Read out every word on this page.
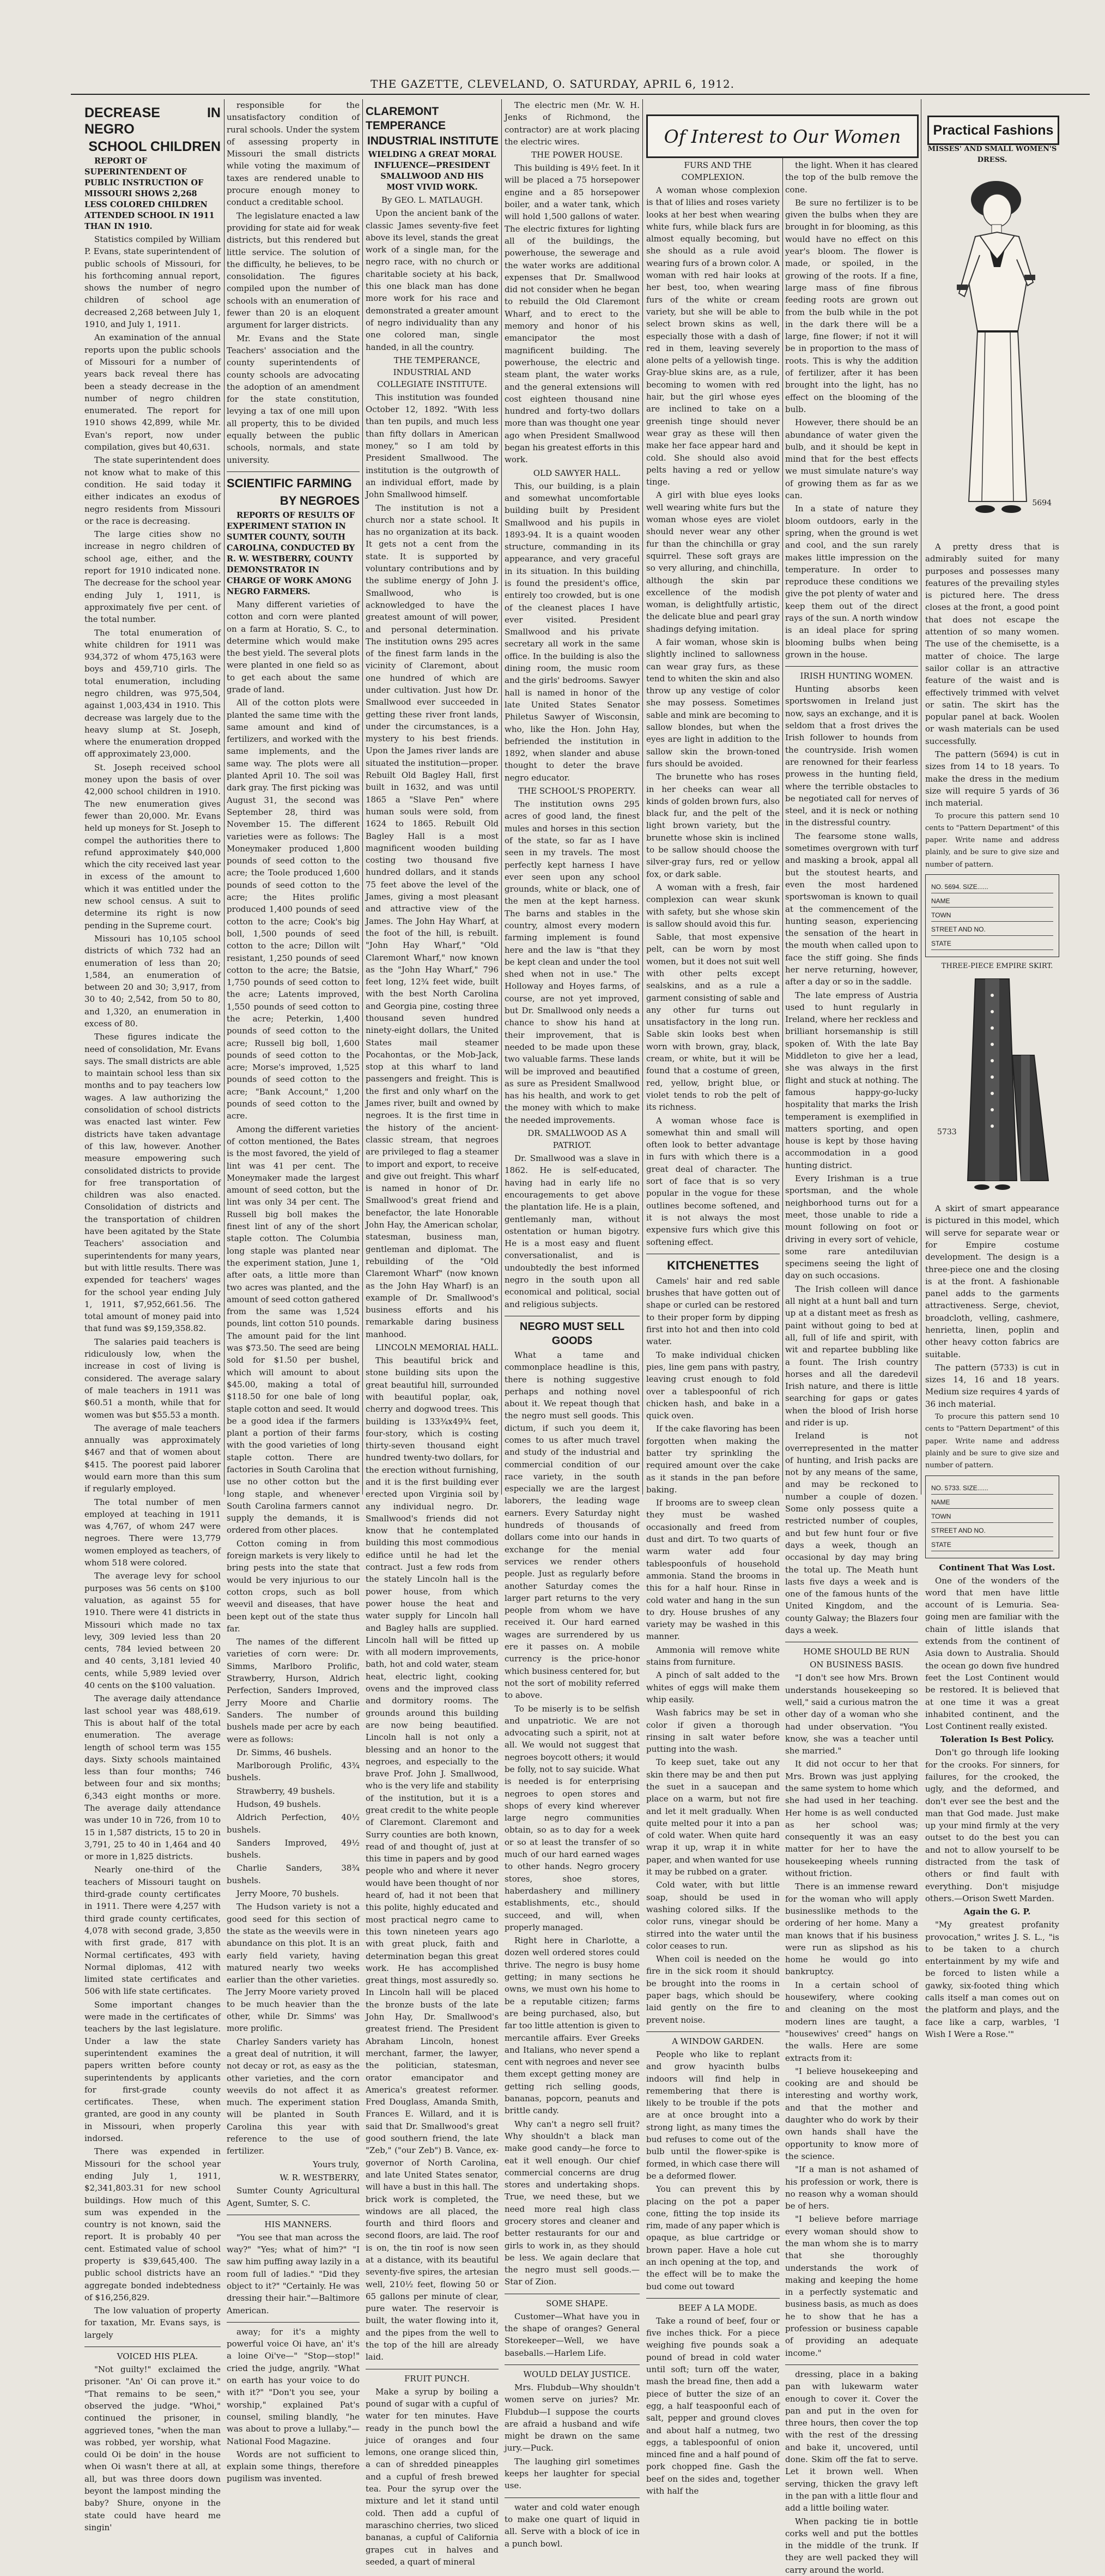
THE GAZETTE, CLEVELAND, O. SATURDAY, APRIL 6, 1912.
DECREASE IN NEGRO
SCHOOL CHILDREN

REPORT OF SUPERINTENDENT OF PUBLIC INSTRUCTION OF MISSOURI SHOWS 2,268 LESS COLORED CHILDREN ATTENDED SCHOOL IN 1911 THAN IN 1910.

Statistics compiled by William P. Evans, state superintendent of public schools of Missouri, for his forthcoming annual report, shows the number of negro children of school age decreased 2,268 between July 1, 1910, and July 1, 1911.

An examination of the annual reports upon the public schools of Missouri for a number of years back reveal there has been a steady decrease in the number of negro children enumerated. The report for 1910 shows 42,899, while Mr. Evan's report, now under compilation, gives but 40,631.

The state superintendent does not know what to make of this condition. He said today it either indicates an exodus of negro residents from Missouri or the race is decreasing.

The large cities show no increase in negro children of school age, either, and the report for 1910 indicated none. The decrease for the school year ending July 1, 1911, is approximately five per cent. of the total number.

The total enumeration of white children for 1911 was 934,372 of whom 475,163 were boys and 459,710 girls. The total enumeration, including negro children, was 975,504, against 1,003,434 in 1910. This decrease was largely due to the heavy slump at St. Joseph, where the enumeration dropped off approximately 23,000.

St. Joseph received school money upon the basis of over 42,000 school children in 1910. The new enumeration gives fewer than 20,000. Mr. Evans held up moneys for St. Joseph to compel the authorities there to refund approximately $40,000 which the city received last year in excess of the amount to which it was entitled under the new school census. A suit to determine its right is now pending in the Supreme court.

Missouri has 10,105 school districts of which 732 had an enumeration of less than 20; 1,584, an enumeration of between 20 and 30; 3,917, from 30 to 40; 2,542, from 50 to 80, and 1,320, an enumeration in excess of 80.

These figures indicate the need of consolidation, Mr. Evans says. The small districts are able to maintain school less than six months and to pay teachers low wages. A law authorizing the consolidation of school districts was enacted last winter. Few districts have taken advantage of this law, however. Another measure empowering such consolidated districts to provide for free transportation of children was also enacted. Consolidation of districts and the transportation of children have been agitated by the State Teachers' association and superintendents for many years, but with little results. There was expended for teachers' wages for the school year ending July 1, 1911, $7,952,661.56. The total amount of money paid into that fund was $9,159,358.82.

The salaries paid teachers is ridiculously low, when the increase in cost of living is considered. The average salary of male teachers in 1911 was $60.51 a month, while that for women was but $55.53 a month.

The average of male teachers annually was approximately $467 and that of women about $415. The poorest paid laborer would earn more than this sum if regularly employed.

The total number of men employed at teaching in 1911 was 4,767, of whom 247 were negroes. There were 13,779 women employed as teachers, of whom 518 were colored.

The average levy for school purposes was 56 cents on $100 valuation, as against 55 for 1910. There were 41 districts in Missouri which made no tax levy, 309 levied less than 20 cents, 784 levied between 20 and 40 cents, 3,181 levied 40 cents, while 5,989 levied over 40 cents on the $100 valuation.

The average daily attendance last school year was 488,619. This is about half of the total enumeration. The average length of school term was 155 days. Sixty schools maintained less than four months; 746 between four and six months; 6,343 eight months or more. The average daily attendance was under 10 in 726, from 10 to 15 in 1,587 districts, 15 to 20 in 3,791, 25 to 40 in 1,464 and 40 or more in 1,825 districts.

Nearly one-third of the teachers of Missouri taught on third-grade county certificates in 1911. There were 4,257 with third grade county certificates, 4,078 with second grade, 3,850 with first grade, 817 with Normal certificates, 493 with Normal diplomas, 412 with limited state certificates and 506 with life state certificates.

Some important changes were made in the certificates of teachers by the last legislature. Under a law the state superintendent examines the papers written before county superintendents by applicants for first-grade county certificates. These, when granted, are good in any county in Missouri, when properly indorsed.

There was expended in Missouri for the school year ending July 1, 1911, $2,341,803.31 for new school buildings. How much of this sum was expended in the country is not known, said the report. It is probably 40 per cent. Estimated value of school property is $39,645,400. The public school districts have an aggregate bonded indebtedness of $16,256,829.

The low valuation of property for taxation, Mr. Evans says, is largely

VOICED HIS PLEA.

"Not guilty!" exclaimed the prisoner. "An' Oi can prove it." "That remains to be seen," observed the judge. "Whoi," continued the prisoner, in aggrieved tones, "when the man was robbed, yer worship, what could Oi be doin' in the house when Oi wasn't there at all, at all, but was three doors down beyont the lampost minding the baby? Shure, onyone in the state could have heard me singin'

responsible for the unsatisfactory condition of rural schools. Under the system of assessing property in Missouri the small districts while voting the maximum of taxes are rendered unable to procure enough money to conduct a creditable school.

The legislature enacted a law providing for state aid for weak districts, but this rendered but little service. The solution of the difficulty, he believes, to be consolidation. The figures compiled upon the number of schools with an enumeration of fewer than 20 is an eloquent argument for larger districts.

Mr. Evans and the State Teachers' association and the county superintendents of county schools are advocating the adoption of an amendment for the state constitution, levying a tax of one mill upon all property, this to be divided equally between the public schools, normals, and state university.

SCIENTIFIC FARMING
BY NEGROES

REPORTS OF RESULTS OF EXPERIMENT STATION IN SUMTER COUNTY, SOUTH CAROLINA, CONDUCTED BY R. W. WESTBERRY, COUNTY DEMONSTRATOR IN CHARGE OF WORK AMONG NEGRO FARMERS.

Many different varieties of cotton and corn were planted on a farm at Horatio, S. C., to determine which would make the best yield. The several plots were planted in one field so as to get each about the same grade of land.

All of the cotton plots were planted the same time with the same amount and kind of fertilizers, and worked with the same implements, and the same way. The plots were all planted April 10. The soil was dark gray. The first picking was August 31, the second was September 28, third was November 15. The different varieties were as follows: The Moneymaker produced 1,800 pounds of seed cotton to the acre; the Toole produced 1,600 pounds of seed cotton to the acre; the Hites prolific produced 1,400 pounds of seed cotton to the acre; Cook's big boll, 1,500 pounds of seed cotton to the acre; Dillon wilt resistant, 1,250 pounds of seed cotton to the acre; the Batsie, 1,750 pounds of seed cotton to the acre; Latents improved, 1,550 pounds of seed cotton to the acre; Peterkin, 1,400 pounds of seed cotton to the acre; Russell big boll, 1,600 pounds of seed cotton to the acre; Morse's improved, 1,525 pounds of seed cotton to the acre; "Bank Account," 1,200 pounds of seed cotton to the acre.

Among the different varieties of cotton mentioned, the Bates is the most favored, the yield of lint was 41 per cent. The Moneymaker made the largest amount of seed cotton, but the lint was only 34 per cent. The Russell big boll makes the finest lint of any of the short staple cotton. The Columbia long staple was planted near the experiment station, June 1, after oats, a little more than two acres was planted, and the amount of seed cotton gathered from the same was 1,524 pounds, lint cotton 510 pounds. The amount paid for the lint was $73.50. The seed are being sold for $1.50 per bushel, which will amount to about $45.00, making a total of $118.50 for one bale of long staple cotton and seed. It would be a good idea if the farmers plant a portion of their farms with the good varieties of long staple cotton. There are factories in South Carolina that use no other cotton but the long staple, and whenever South Carolina farmers cannot supply the demands, it is ordered from other places.

Cotton coming in from foreign markets is very likely to bring pests into the state that would be very injurious to our cotton crops, such as boll weevil and diseases, that have been kept out of the state thus far.

The names of the different varieties of corn were: Dr. Simms, Marlboro Prolific, Strawberry, Hurson, Aldrich Perfection, Sanders Improved, Jerry Moore and Charlie Sanders. The number of bushels made per acre by each were as follows:

Dr. Simms, 46 bushels.

Marlborough Prolific, 43¾ bushels.

Strawberry, 49 bushels.

Hudson, 49 bushels.

Aldrich Perfection, 40½ bushels.

Sanders Improved, 49½ bushels.

Charlie Sanders, 38¾ bushels.

Jerry Moore, 70 bushels.

The Hudson variety is not a good seed for this section of the state as the weevils were in abundance on this plot. It is an early field variety, having matured nearly two weeks earlier than the other varieties. The Jerry Moore variety proved to be much heavier than the other, while Dr. Simms' was more prolific.

Charley Sanders variety has a great deal of nutrition, it will not decay or rot, as easy as the other varieties, and the corn weevils do not affect it as much. The experiment station will be planted in South Carolina this year with reference to the use of fertilizer.

Yours truly,

W. R. WESTBERRY,

Sumter County Agricultural Agent, Sumter, S. C.

HIS MANNERS.

"You see that man across the way?" "Yes; what of him?" "I saw him puffing away lazily in a room full of ladies." "Did they object to it?" "Certainly. He was dressing their hair."—Baltimore American.

away; for it's a mighty powerful voice Oi have, an' it's a loine Oi've—" "Stop—stop!" cried the judge, angrily. "What on earth has your voice to do with it?" "Don't you see, your worship," explained Pat's counsel, smiling blandly, "he was about to prove a lullaby."—National Food Magazine.

Words are not sufficient to explain some things, therefore pugilism was invented.

CLAREMONT TEMPERANCE
INDUSTRIAL INSTITUTE

WIELDING A GREAT MORAL INFLUENCE—PRESIDENT SMALLWOOD AND HIS MOST VIVID WORK.

By GEO. L. MATLAUGH.

Upon the ancient bank of the classic James seventy-five feet above its level, stands the great work of a single man, for the negro race, with no church or charitable society at his back, this one black man has done more work for his race and demonstrated a greater amount of negro individuality than any one colored man, single handed, in all the country.

THE TEMPERANCE, INDUSTRIAL AND COLLEGIATE INSTITUTE.

This institution was founded October 12, 1892. "With less than ten pupils, and much less than fifty dollars in American money," so I am told by President Smallwood. The institution is the outgrowth of an individual effort, made by John Smallwood himself.

The institution is not a church nor a state school. It has no organization at its back. It gets not a cent from the state. It is supported by voluntary contributions and by the sublime energy of John J. Smallwood, who is acknowledged to have the greatest amount of will power, and personal determination. The institution owns 295 acres of the finest farm lands in the vicinity of Claremont, about one hundred of which are under cultivation. Just how Dr. Smallwood ever succeeded in getting these river front lands, under the circumstances, is a mystery to his best friends. Upon the James river lands are situated the institution—proper. Rebuilt Old Bagley Hall, first built in 1632, and was until 1865 a "Slave Pen" where human souls were sold, from 1624 to 1865. Rebuilt Old Bagley Hall is a most magnificent wooden building costing two thousand five hundred dollars, and it stands 75 feet above the level of the James, giving a most pleasant and attractive view of the James. The John Hay Wharf, at the foot of the hill, is rebuilt. "John Hay Wharf," "Old Claremont Wharf," now known as the "John Hay Wharf," 796 feet long, 12¾ feet wide, built with the best North Carolina and Georgia pine, costing three thousand seven hundred ninety-eight dollars, the United States mail steamer Pocahontas, or the Mob-Jack, stop at this wharf to land passengers and freight. This is the first and only wharf on the James river, built and owned by negroes. It is the first time in the history of the ancient-classic stream, that negroes are privileged to flag a steamer to import and export, to receive and give out freight. This wharf is named in honor of Dr. Smallwood's great friend and benefactor, the late Honorable John Hay, the American scholar, statesman, business man, gentleman and diplomat. The rebuilding of the "Old Claremont Wharf" (now known as the John Hay Wharf) is an example of Dr. Smallwood's business efforts and his remarkable daring business manhood.

LINCOLN MEMORIAL HALL.

This beautiful brick and stone building sits upon the great beautiful hill, surrounded with beautiful poplar, oak, cherry and dogwood trees. This building is 133¾x49¾ feet, four-story, which is costing thirty-seven thousand eight hundred twenty-two dollars, for the erection without furnishing, and it is the first building ever erected upon Virginia soil by any individual negro. Dr. Smallwood's friends did not know that he contemplated building this most commodious edifice until he had let the contract. Just a few rods from the stately Lincoln hall is the power house, from which power house the heat and water supply for Lincoln hall and Bagley halls are supplied. Lincoln hall will be fitted up with all modern improvements, bath, hot and cold water, steam heat, electric light, cooking ovens and the improved class and dormitory rooms. The grounds around this building are now being beautified. Lincoln hall is not only a blessing and an honor to the negroes, and especially to the brave Prof. John J. Smallwood, who is the very life and stability of the institution, but it is a great credit to the white people of Claremont. Claremont and Surry counties are both known, read of and thought of, just at this time in papers and by good people who and where it never would have been thought of nor heard of, had it not been that this polite, highly educated and most practical negro came to this town nineteen years ago with great pluck, faith and determination began this great work. He has accomplished great things, most assuredly so. In Lincoln hall will be placed the bronze busts of the late John Hay, Dr. Smallwood's greatest friend. The President Abraham Lincoln, honest merchant, farmer, the lawyer, the politician, statesman, orator emancipator and America's greatest reformer. Fred Douglass, Amanda Smith, Frances E. Willard, and it is said that Dr. Smallwood's great good southern friend, the late "Zeb," ("our Zeb") B. Vance, ex-governor of North Carolina, and late United States senator, will have a bust in this hall. The brick work is completed, the windows are all placed, the fourth and third floors and second floors, are laid. The roof is on, the tin roof is now seen at a distance, with its beautiful seventy-five spires, the artesian well, 210½ feet, flowing 50 or 65 gallons per minute of clear, pure water. The reservoir is built, the water flowing into it, and the pipes from the well to the top of the hill are already laid.

FRUIT PUNCH.

Make a syrup by boiling a pound of sugar with a cupful of water for ten minutes. Have ready in the punch bowl the juice of oranges and four lemons, one orange sliced thin, a can of shredded pineapples and a cupful of fresh brewed tea. Pour the syrup over the mixture and let it stand until cold. Then add a cupful of maraschino cherries, two sliced bananas, a cupful of California grapes cut in halves and seeded, a quart of mineral

The electric men (Mr. W. H. Jenks of Richmond, the contractor) are at work placing the electric wires.

THE POWER HOUSE.

This building is 49½ feet. In it will be placed a 75 horsepower engine and a 85 horsepower boiler, and a water tank, which will hold 1,500 gallons of water. The electric fixtures for lighting all of the buildings, the powerhouse, the sewerage and the water works are additional expenses that Dr. Smallwood did not consider when he began to rebuild the Old Claremont Wharf, and to erect to the memory and honor of his emancipator the most magnificent building. The powerhouse, the electric and steam plant, the water works and the general extensions will cost eighteen thousand nine hundred and forty-two dollars more than was thought one year ago when President Smallwood began his greatest efforts in this work.

OLD SAWYER HALL.

This, our building, is a plain and somewhat uncomfortable building built by President Smallwood and his pupils in 1893-94. It is a quaint wooden structure, commanding in its appearance, and very graceful in its situation. In this building is found the president's office, entirely too crowded, but is one of the cleanest places I have ever visited. President Smallwood and his private secretary all work in the same office. In the building is also the dining room, the music room and the girls' bedrooms. Sawyer hall is named in honor of the late United States Senator Philetus Sawyer of Wisconsin, who, like the Hon. John Hay, befriended the institution in 1892, when slander and abuse thought to deter the brave negro educator.

THE SCHOOL'S PROPERTY.

The institution owns 295 acres of good land, the finest mules and horses in this section of the state, so far as I have seen in my travels. The most perfectly kept harness I have ever seen upon any school grounds, white or black, one of the men at the kept harness. The barns and stables in the country, almost every modern farming implement is found here and the law is "that they be kept clean and under the tool shed when not in use." The Holloway and Hoyes farms, of course, are not yet improved, but Dr. Smallwood only needs a chance to show his hand at their improvement, that is needed to be made upon these two valuable farms. These lands will be improved and beautified as sure as President Smallwood has his health, and work to get the money with which to make the needed improvements.

DR. SMALLWOOD AS A PATRIOT.

Dr. Smallwood was a slave in 1862. He is self-educated, having had in early life no encouragements to get above the plantation life. He is a plain, gentlemanly man, without ostentation or human bigotry. He is a most easy and fluent conversationalist, and is undoubtedly the best informed negro in the south upon all economical and political, social and religious subjects.

NEGRO MUST SELL GOODS

What a tame and commonplace headline is this, there is nothing suggestive perhaps and nothing novel about it. We repeat though that the negro must sell goods. This dictum, if such you deem it, comes to us after much travel and study of the industrial and commercial condition of our race variety, in the south especially we are the largest laborers, the leading wage earners. Every Saturday night hundreds of thousands of dollars come into our hands in exchange for the menial services we render others people. Just as regularly before another Saturday comes the larger part returns to the very people from whom we have received it. Our hard earned wages are surrendered by us ere it passes on. A mobile currency is the price-honor which business centered for, but not the sort of mobility referred to above.

To be miserly is to be selfish and unpatriotic. We are not advocating such a spirit, not at all. We would not suggest that negroes boycott others; it would be folly, not to say suicide. What is needed is for enterprising negroes to open stores and shops of every kind wherever large negro communities obtain, so as to day for a week or so at least the transfer of so much of our hard earned wages to other hands. Negro grocery stores, shoe stores, haberdashery and millinery establishments, etc., should succeed, and will, when properly managed.

Right here in Charlotte, a dozen well ordered stores could thrive. The negro is busy home getting; in many sections he owns, we must own his home to be a reputable citizen; farms are being purchased, also, but far too little attention is given to mercantile affairs. Ever Greeks and Italians, who never spend a cent with negroes and never see them except getting money are getting rich selling goods, bananas, popcorn, peanuts and brittle candy.

Why can't a negro sell fruit? Why shouldn't a black man make good candy—he force to eat it well enough. Our chief commercial concerns are drug stores and undertaking shops. True, we need these, but we need more real high class grocery stores and cleaner and better restaurants for our and girls to work in, as they should be less. We again declare that the negro must sell goods.—Star of Zion.

SOME SHAPE.

Customer—What have you in the shape of oranges? General Storekeeper—Well, we have baseballs.—Harlem Life.

WOULD DELAY JUSTICE.

Mrs. Flubdub—Why shouldn't women serve on juries? Mr. Flubdub—I suppose the courts are afraid a husband and wife might be drawn on the same jury.—Puck.

The laughing girl sometimes keeps her laughter for special use.

water and cold water enough to make one quart of liquid in all. Serve with a block of ice in a punch bowl.

Of Interest to Our Women

FURS AND THE COMPLEXION.

A woman whose complexion is that of lilies and roses variety looks at her best when wearing white furs, while black furs are almost equally becoming, but she should as a rule avoid wearing furs of a brown color. A woman with red hair looks at her best, too, when wearing furs of the white or cream variety, but she will be able to select brown skins as well, especially those with a dash of red in them, leaving severely alone pelts of a yellowish tinge. Gray-blue skins are, as a rule, becoming to women with red hair, but the girl whose eyes are inclined to take on a greenish tinge should never wear gray as these will then make her face appear hard and cold. She should also avoid pelts having a red or yellow tinge.

A girl with blue eyes looks well wearing white furs but the woman whose eyes are violet should never wear any other fur than the chinchilla or gray squirrel. These soft grays are so very alluring, and chinchilla, although the skin par excellence of the modish woman, is delightfully artistic, the delicate blue and pearl gray shadings defying imitation.

A fair woman, whose skin is slightly inclined to sallowness can wear gray furs, as these tend to whiten the skin and also throw up any vestige of color she may possess. Sometimes sable and mink are becoming to sallow blondes, but when the eyes are light in addition to the sallow skin the brown-toned furs should be avoided.

The brunette who has roses in her cheeks can wear all kinds of golden brown furs, also black fur, and the pelt of the light brown variety, but the brunette whose skin is inclined to be sallow should choose the silver-gray furs, red or yellow fox, or dark sable.

A woman with a fresh, fair complexion can wear skunk with safety, but she whose skin is sallow should avoid this fur.

Sable, that most expensive pelt, can be worn by most women, but it does not suit well with other pelts except sealskins, and as a rule a garment consisting of sable and any other fur turns out unsatisfactory in the long run. Sable skin looks best when worn with brown, gray, black, cream, or white, but it will be found that a costume of green, red, yellow, bright blue, or violet tends to rob the pelt of its richness.

A woman whose face is somewhat thin and small will often look to better advantage in furs with which there is a great deal of character. The sort of face that is so very popular in the vogue for these outlines become softened, and it is not always the most expensive furs which give this softening effect.

KITCHENETTES

Camels' hair and red sable brushes that have gotten out of shape or curled can be restored to their proper form by dipping first into hot and then into cold water.

To make individual chicken pies, line gem pans with pastry, leaving crust enough to fold over a tablespoonful of rich chicken hash, and bake in a quick oven.

If the cake flavoring has been forgotten when making the batter try sprinkling the required amount over the cake as it stands in the pan before baking.

If brooms are to sweep clean they must be washed occasionally and freed from dust and dirt. To two quarts of warm water add four tablespoonfuls of household ammonia. Stand the brooms in this for a half hour. Rinse in cold water and hang in the sun to dry. House brushes of any variety may be washed in this manner.

Ammonia will remove white stains from furniture.

A pinch of salt added to the whites of eggs will make them whip easily.

Wash fabrics may be set in color if given a thorough rinsing in salt water before putting into the wash.

To keep suet, take out any skin there may be and then put the suet in a saucepan and place on a warm, but not fire and let it melt gradually. When quite melted pour it into a pan of cold water. When quite hard wrap it up, wrap it in white paper, and when wanted for use it may be rubbed on a grater.

Cold water, with but little soap, should be used in washing colored silks. If the color runs, vinegar should be stirred into the water until the color ceases to run.

When coil is needed on the fire in the sick room it should be brought into the rooms in paper bags, which should be laid gently on the fire to prevent noise.

A WINDOW GARDEN.

People who like to replant and grow hyacinth bulbs indoors will find help in remembering that there is likely to be trouble if the pots are at once brought into a strong light, as many times the bud refuses to come out of the bulb until the flower-spike is formed, in which case there will be a deformed flower.

You can prevent this by placing on the pot a paper cone, fitting the top inside its rim, made of any paper which is opaque, as blue cartridge or brown paper. Have a hole cut an inch opening at the top, and the effect will be to make the bud come out toward

BEEF A LA MODE.

Take a round of beef, four or five inches thick. For a piece weighing five pounds soak a pound of bread in cold water until soft; turn off the water, mash the bread fine, then add a piece of butter the size of an egg, a half teaspoonful each of salt, pepper and ground cloves and about half a nutmeg, two eggs, a tablespoonful of onion minced fine and a half pound of pork chopped fine. Gash the beef on the sides and, together with half the

the light. When it has cleared the top of the bulb remove the cone.

Be sure no fertilizer is to be given the bulbs when they are brought in for blooming, as this would have no effect on this year's bloom. The flower is made, or spoiled, in the growing of the roots. If a fine, large mass of fine fibrous feeding roots are grown out from the bulb while in the pot in the dark there will be a large, fine flower; if not it will be in proportion to the mass of roots. This is why the addition of fertilizer, after it has been brought into the light, has no effect on the blooming of the bulb.

However, there should be an abundance of water given the bulb, and it should be kept in mind that for the best effects we must simulate nature's way of growing them as far as we can.

In a state of nature they bloom outdoors, early in the spring, when the ground is wet and cool, and the sun rarely makes little impression on the temperature. In order to reproduce these conditions we give the pot plenty of water and keep them out of the direct rays of the sun. A north window is an ideal place for spring blooming bulbs when being grown in the house.

IRISH HUNTING WOMEN.

Hunting absorbs keen sportswomen in Ireland just now, says an exchange, and it is seldom that a frost drives the Irish follower to hounds from the countryside. Irish women are renowned for their fearless prowess in the hunting field, where the terrible obstacles to be negotiated call for nerves of steel, and it is neck or nothing in the distressful country.

The fearsome stone walls, sometimes overgrown with turf and masking a brook, appal all but the stoutest hearts, and even the most hardened sportswoman is known to quail at the commencement of the hunting season, experiencing the sensation of the heart in the mouth when called upon to face the stiff going. She finds her nerve returning, however, after a day or so in the saddle.

The late empress of Austria used to hunt regularly in Ireland, where her reckless and brilliant horsemanship is still spoken of. With the late Bay Middleton to give her a lead, she was always in the first flight and stuck at nothing. The famous happy-go-lucky hospitality that marks the Irish temperament is exemplified in matters sporting, and open house is kept by those having accommodation in a good hunting district.

Every Irishman is a true sportsman, and the whole neighborhood turns out for a meet, those unable to ride a mount following on foot or driving in every sort of vehicle, some rare antediluvian specimens seeing the light of day on such occasions.

The Irish colleen will dance all night at a hunt ball and turn up at a distant meet as fresh as paint without going to bed at all, full of life and spirit, with wit and repartee bubbling like a fount. The Irish country horses and all the daredevil Irish nature, and there is little searching for gaps or gates when the blood of Irish horse and rider is up.

Ireland is not overrepresented in the matter of hunting, and Irish packs are not by any means of the same, and may be reckoned to number a couple of dozen. Some only possess quite a restricted number of couples, and but few hunt four or five days a week, though an occasional by day may bring the total up. The Meath hunt lasts five days a week and is one of the famous hunts of the United Kingdom, and the county Galway; the Blazers four days a week.

HOME SHOULD BE RUN

ON BUSINESS BASIS.

"I don't see how Mrs. Brown understands housekeeping so well," said a curious matron the other day of a woman who she had under observation. "You know, she was a teacher until she married."

It did not occur to her that Mrs. Brown was just applying the same system to home which she had used in her teaching. Her home is as well conducted as her school was; consequently it was an easy matter for her to have the housekeeping wheels running without friction.

There is an immense reward for the woman who will apply businesslike methods to the ordering of her home. Many a man knows that if his business were run as slipshod as his home he would go into bankruptcy.

In a certain school of housewifery, where cooking and cleaning on the most modern lines are taught, a "housewives' creed" hangs on the walls. Here are some extracts from it:

"I believe housekeeping and cooking are and should be interesting and worthy work, and that the mother and daughter who do work by their own hands shall have the opportunity to know more of the science.

"If a man is not ashamed of his profession or work, there is no reason why a woman should be of hers.

"I believe before marriage every woman should show to the man whom she is to marry that she thoroughly understands the work of making and keeping the home in a perfectly systematic and business basis, as much as does he to show that he has a profession or business capable of providing an adequate income."

dressing, place in a baking pan with lukewarm water enough to cover it. Cover the pan and put in the oven for three hours, then cover the top with the rest of the dressing and bake it, uncovered, until done. Skim off the fat to serve. Let it brown well. When serving, thicken the gravy left in the pan with a little flour and add a little boiling water.

When packing tie in bottle corks well and put the bottles in the middle of the trunk. If they are well packed they will carry around the world.

Practical Fashions

MISSES' AND SMALL WOMEN'S DRESS.

5694

A pretty dress that is admirably suited for many purposes and possesses many features of the prevailing styles is pictured here. The dress closes at the front, a good point that does not escape the attention of so many women. The use of the chemisette, is a matter of choice. The large sailor collar is an attractive feature of the waist and is effectively trimmed with velvet or satin. The skirt has the popular panel at back. Woolen or wash materials can be used successfully.

The pattern (5694) is cut in sizes from 14 to 18 years. To make the dress in the medium size will require 5 yards of 36 inch material.

To procure this pattern send 10 cents to "Pattern Department" of this paper. Write name and address plainly, and be sure to give size and number of pattern.

NO. 5694. SIZE......
NAME
TOWN
STREET AND NO.
STATE

THREE-PIECE EMPIRE SKIRT.

5733

A skirt of smart appearance is pictured in this model, which will serve for separate wear or for Empire costume development. The design is a three-piece one and the closing is at the front. A fashionable panel adds to the garments attractiveness. Serge, cheviot, broadcloth, velling, cashmere, henrietta, linen, poplin and other heavy cotton fabrics are suitable.

The pattern (5733) is cut in sizes 14, 16 and 18 years. Medium size requires 4 yards of 36 inch material.

To procure this pattern send 10 cents to "Pattern Department" of this paper. Write name and address plainly and be sure to give size and number of pattern.

NO. 5733. SIZE......
NAME
TOWN
STREET AND NO.
STATE

Continent That Was Lost.

One of the wonders of the word that men have little account of is Lemuria. Sea-going men are familiar with the chain of little islands that extends from the continent of Asia down to Australia. Should the ocean go down five hundred feet the Lost Continent would be restored. It is believed that at one time it was a great inhabited continent, and the Lost Continent really existed.

Toleration Is Best Policy.

Don't go through life looking for the crooks. For sinners, for failures, for the crooked, the ugly, and the deformed, and don't ever see the best and the man that God made. Just make up your mind firmly at the very outset to do the best you can and not to allow yourself to be distracted from the task of others or find fault with everything. Don't misjudge others.—Orison Swett Marden.

Again the G. P.

"My greatest profanity provocation," writes J. S. L., "is to be taken to a church entertainment by my wife and be forced to listen while a gawky, six-footed thing which calls itself a man comes out on the platform and plays, and the face like a carp, warbles, 'I Wish I Were a Rose.'"
